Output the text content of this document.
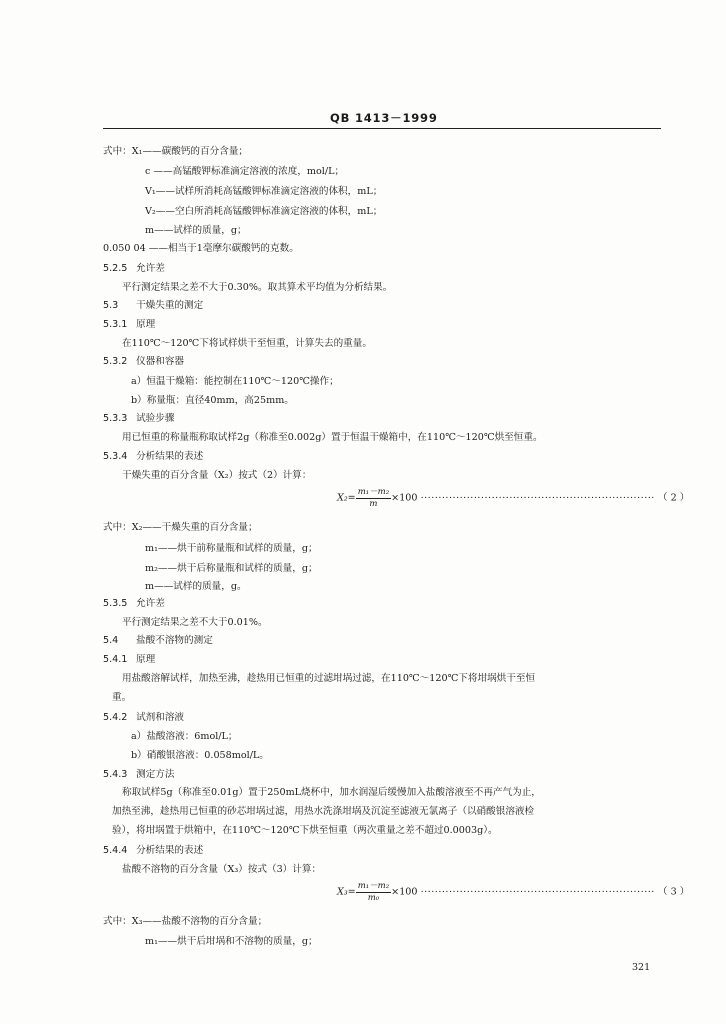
QB 1413－1999
式中：X₁——碳酸钙的百分含量；
c ——高锰酸钾标准滴定溶液的浓度，mol/L；
V₁——试样所消耗高锰酸钾标准滴定溶液的体积，mL；
V₂——空白所消耗高锰酸钾标准滴定溶液的体积，mL；
m——试样的质量，g；
0.050 04 ——相当于1毫摩尔碳酸钙的克数。
平行测定结果之差不大于0.30%。取其算术平均值为分析结果。
在110℃～120℃下将试样烘干至恒重，计算失去的重量。
a）恒温干燥箱：能控制在110℃～120℃操作；
b）称量瓶：直径40mm，高25mm。
用已恒重的称量瓶称取试样2g（称准至0.002g）置于恒温干燥箱中，在110℃～120℃烘至恒重。
干燥失重的百分含量（X₂）按式（2）计算：
式中：X₂——干燥失重的百分含量；
m₁——烘干前称量瓶和试样的质量，g；
m₂——烘干后称量瓶和试样的质量，g；
m——试样的质量，g。
平行测定结果之差不大于0.01%。
用盐酸溶解试样，加热至沸，趁热用已恒重的过滤坩埚过滤，在110℃～120℃下将坩埚烘干至恒
重。
a）盐酸溶液：6mol/L；
b）硝酸银溶液：0.058mol/L。
称取试样5g（称准至0.01g）置于250mL烧杯中，加水润湿后缓慢加入盐酸溶液至不再产气为止，
加热至沸，趁热用已恒重的砂芯坩埚过滤，用热水洗涤坩埚及沉淀至滤液无氯离子（以硝酸银溶液检
验），将坩埚置于烘箱中，在110℃～120℃下烘至恒重（两次重量之差不超过0.0003g）。
盐酸不溶物的百分含量（X₃）按式（3）计算：
式中：X₃——盐酸不溶物的百分含量；
m₁——烘干后坩埚和不溶物的质量，g；
5.2.5 允许差
5.3 干燥失重的测定
5.3.1 原理
5.3.2 仪器和容器
5.3.3 试验步骤
5.3.4 分析结果的表述
5.3.5 允许差
5.4 盐酸不溶物的测定
5.4.1 原理
5.4.2 试剂和溶液
5.4.3 测定方法
5.4.4 分析结果的表述
$X_2= \frac{\text{m₁－m₂}}{m} \times 100$ ·································································· （ 2 ）
$X_3= \frac{\text{m₁－m₂}}{\text{m₀}} \times 100$ ·································································· （ 3 ）
321
